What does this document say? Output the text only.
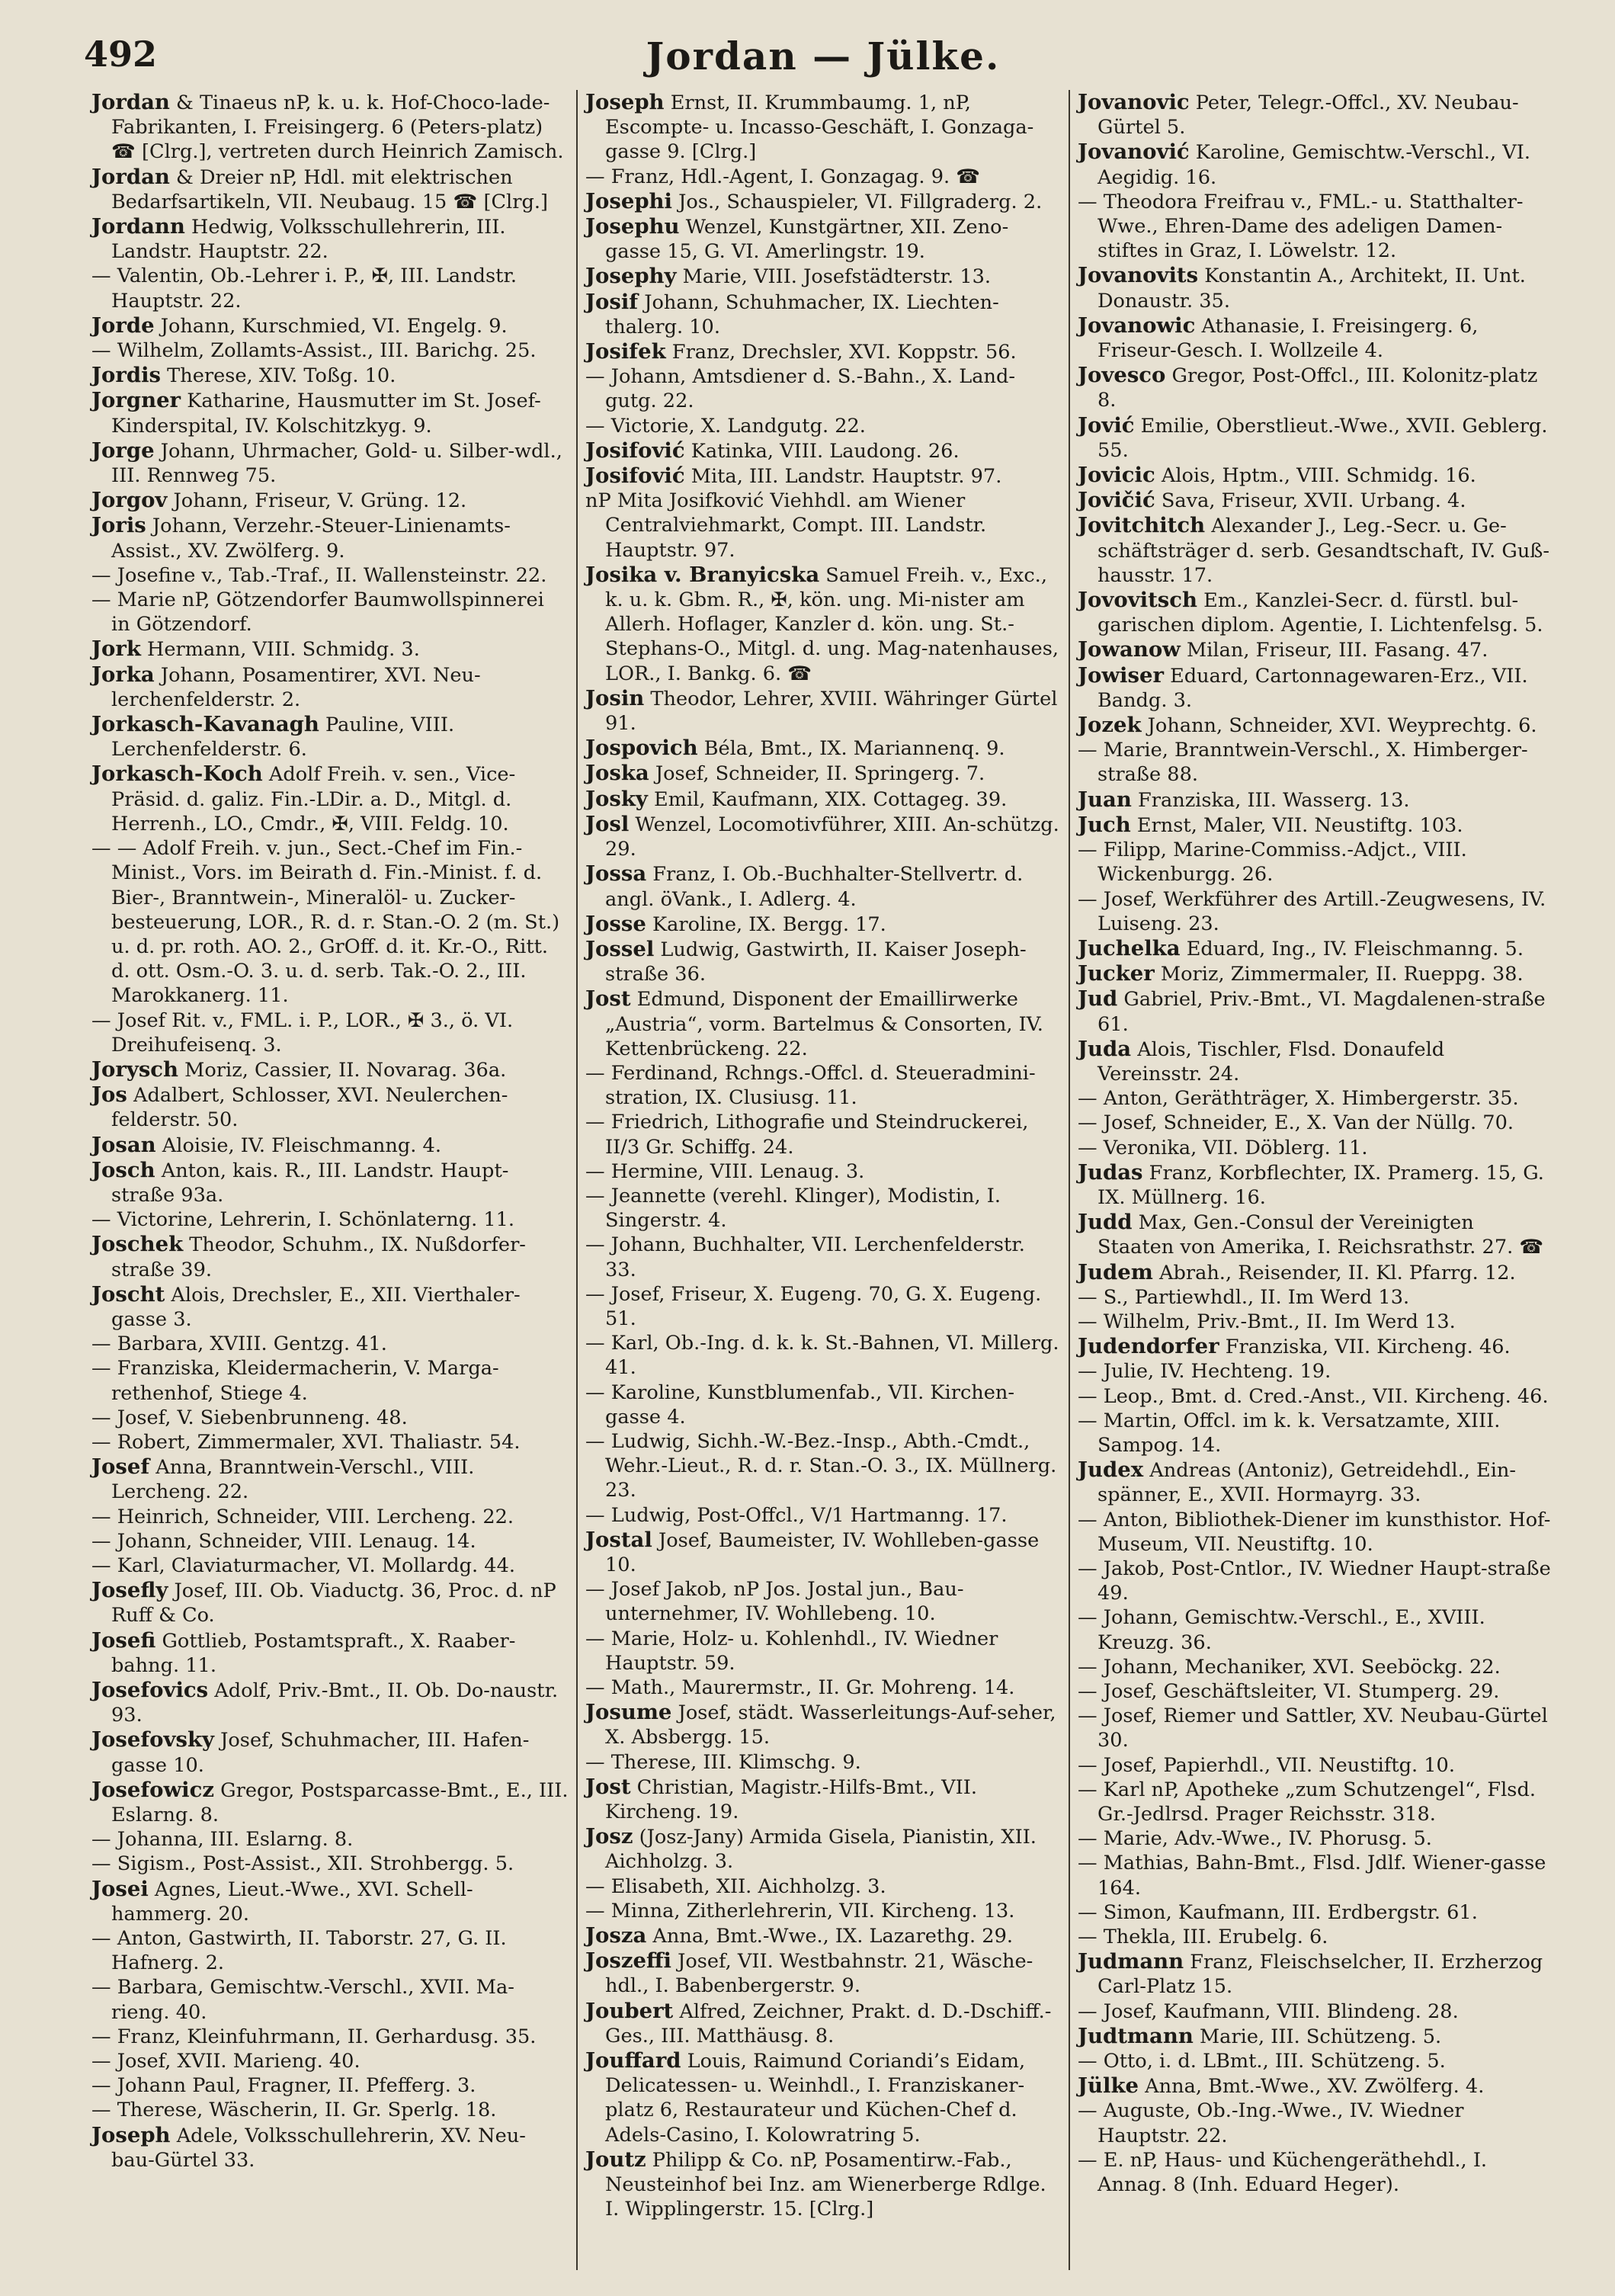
492	Jordan — Jülke.

Jordan & Tinaeus nP, k. u. k. Hof-Choco-lade-Fabrikanten, I. Freisingerg. 6 (Peters-platz) ☎ [Clrg.], vertreten durch Heinrich Zamisch.

Jordan & Dreier nP, Hdl. mit elektrischen Bedarfsartikeln, VII. Neubaug. 15 ☎ [Clrg.]

Jordann Hedwig, Volksschullehrerin, III. Landstr. Hauptstr. 22.

— Valentin, Ob.-Lehrer i. P., ✠, III. Landstr. Hauptstr. 22.

Jorde Johann, Kurschmied, VI. Engelg. 9.

— Wilhelm, Zollamts-Assist., III. Barichg. 25.

Jordis Therese, XIV. Toßg. 10.

Jorgner Katharine, Hausmutter im St. Josef-Kinderspital, IV. Kolschitzkyg. 9.

Jorge Johann, Uhrmacher, Gold- u. Silber-wdl., III. Rennweg 75.

Jorgov Johann, Friseur, V. Grüng. 12.

Joris Johann, Verzehr.-Steuer-Linienamts-Assist., XV. Zwölferg. 9.

— Josefine v., Tab.-Traf., II. Wallensteinstr. 22.

— Marie nP, Götzendorfer Baumwollspinnerei in Götzendorf.

Jork Hermann, VIII. Schmidg. 3.

Jorka Johann, Posamentirer, XVI. Neu-lerchenfelderstr. 2.

Jorkasch-Kavanagh Pauline, VIII. Lerchenfelderstr. 6.

Jorkasch-Koch Adolf Freih. v. sen., Vice-Präsid. d. galiz. Fin.-LDir. a. D., Mitgl. d. Herrenh., LO., Cmdr., ✠, VIII. Feldg. 10.

— — Adolf Freih. v. jun., Sect.-Chef im Fin.-Minist., Vors. im Beirath d. Fin.-Minist. f. d. Bier-, Branntwein-, Mineralöl- u. Zucker-besteuerung, LOR., R. d. r. Stan.-O. 2 (m. St.) u. d. pr. roth. AO. 2., GrOff. d. it. Kr.-O., Ritt. d. ott. Osm.-O. 3. u. d. serb. Tak.-O. 2., III. Marokkanerg. 11.

— Josef Rit. v., FML. i. P., LOR., ✠ 3., ö. VI. Dreihufeisenq. 3.

Jorysch Moriz, Cassier, II. Novarag. 36a.

Jos Adalbert, Schlosser, XVI. Neulerchen-felderstr. 50.

Josan Aloisie, IV. Fleischmanng. 4.

Josch Anton, kais. R., III. Landstr. Haupt-straße 93a.

— Victorine, Lehrerin, I. Schönlaterng. 11.

Joschek Theodor, Schuhm., IX. Nußdorfer-straße 39.

Joscht Alois, Drechsler, E., XII. Vierthaler-gasse 3.

— Barbara, XVIII. Gentzg. 41.

— Franziska, Kleidermacherin, V. Marga-rethenhof, Stiege 4.

— Josef, V. Siebenbrunneng. 48.

— Robert, Zimmermaler, XVI. Thaliastr. 54.

Josef Anna, Branntwein-Verschl., VIII. Lercheng. 22.

— Heinrich, Schneider, VIII. Lercheng. 22.

— Johann, Schneider, VIII. Lenaug. 14.

— Karl, Claviaturmacher, VI. Mollardg. 44.

Josefly Josef, III. Ob. Viaductg. 36, Proc. d. nP Ruff & Co.

Josefi Gottlieb, Postamtspraft., X. Raaber-bahng. 11.

Josefovics Adolf, Priv.-Bmt., II. Ob. Do-naustr. 93.

Josefovsky Josef, Schuhmacher, III. Hafen-gasse 10.

Josefowicz Gregor, Postsparcasse-Bmt., E., III. Eslarng. 8.

— Johanna, III. Eslarng. 8.

— Sigism., Post-Assist., XII. Strohbergg. 5.

Josei Agnes, Lieut.-Wwe., XVI. Schell-hammerg. 20.

— Anton, Gastwirth, II. Taborstr. 27, G. II. Hafnerg. 2.

— Barbara, Gemischtw.-Verschl., XVII. Ma-rieng. 40.

— Franz, Kleinfuhrmann, II. Gerhardusg. 35.

— Josef, XVII. Marieng. 40.

— Johann Paul, Fragner, II. Pfefferg. 3.

— Therese, Wäscherin, II. Gr. Sperlg. 18.

Joseph Adele, Volksschullehrerin, XV. Neu-bau-Gürtel 33.

Joseph Ernst, II. Krummbaumg. 1, nP, Escompte- u. Incasso-Geschäft, I. Gonzaga-gasse 9. [Clrg.]

— Franz, Hdl.-Agent, I. Gonzagag. 9. ☎

Josephi Jos., Schauspieler, VI. Fillgraderg. 2.

Josephu Wenzel, Kunstgärtner, XII. Zeno-gasse 15, G. VI. Amerlingstr. 19.

Josephy Marie, VIII. Josefstädterstr. 13.

Josif Johann, Schuhmacher, IX. Liechten-thalerg. 10.

Josifek Franz, Drechsler, XVI. Koppstr. 56.

— Johann, Amtsdiener d. S.-Bahn., X. Land-gutg. 22.

— Victorie, X. Landgutg. 22.

Josifović Katinka, VIII. Laudong. 26.

Josifović Mita, III. Landstr. Hauptstr. 97.

nP Mita Josifković Viehhdl. am Wiener Centralviehmarkt, Compt. III. Landstr. Hauptstr. 97.

Josika v. Branyicska Samuel Freih. v., Exc., k. u. k. Gbm. R., ✠, kön. ung. Mi-nister am Allerh. Hoflager, Kanzler d. kön. ung. St.-Stephans-O., Mitgl. d. ung. Mag-natenhauses, LOR., I. Bankg. 6. ☎

Josin Theodor, Lehrer, XVIII. Währinger Gürtel 91.

Jospovich Béla, Bmt., IX. Mariannenq. 9.

Joska Josef, Schneider, II. Springerg. 7.

Josky Emil, Kaufmann, XIX. Cottageg. 39.

Josl Wenzel, Locomotivführer, XIII. An-schützg. 29.

Jossa Franz, I. Ob.-Buchhalter-Stellvertr. d. angl. öVank., I. Adlerg. 4.

Josse Karoline, IX. Bergg. 17.

Jossel Ludwig, Gastwirth, II. Kaiser Joseph-straße 36.

Jost Edmund, Disponent der Emaillirwerke „Austria“, vorm. Bartelmus & Consorten, IV. Kettenbrückeng. 22.

— Ferdinand, Rchngs.-Offcl. d. Steueradmini-stration, IX. Clusiusg. 11.

— Friedrich, Lithografie und Steindruckerei, II/3 Gr. Schiffg. 24.

— Hermine, VIII. Lenaug. 3.

— Jeannette (verehl. Klinger), Modistin, I. Singerstr. 4.

— Johann, Buchhalter, VII. Lerchenfelderstr. 33.

— Josef, Friseur, X. Eugeng. 70, G. X. Eugeng. 51.

— Karl, Ob.-Ing. d. k. k. St.-Bahnen, VI. Millerg. 41.

— Karoline, Kunstblumenfab., VII. Kirchen-gasse 4.

— Ludwig, Sichh.-W.-Bez.-Insp., Abth.-Cmdt., Wehr.-Lieut., R. d. r. Stan.-O. 3., IX. Müllnerg. 23.

— Ludwig, Post-Offcl., V/1 Hartmanng. 17.

Jostal Josef, Baumeister, IV. Wohlleben-gasse 10.

— Josef Jakob, nP Jos. Jostal jun., Bau-unternehmer, IV. Wohllebeng. 10.

— Marie, Holz- u. Kohlenhdl., IV. Wiedner Hauptstr. 59.

— Math., Maurermstr., II. Gr. Mohreng. 14.

Josume Josef, städt. Wasserleitungs-Auf-seher, X. Absbergg. 15.

— Therese, III. Klimschg. 9.

Jost Christian, Magistr.-Hilfs-Bmt., VII. Kircheng. 19.

Josz (Josz-Jany) Armida Gisela, Pianistin, XII. Aichholzg. 3.

— Elisabeth, XII. Aichholzg. 3.

— Minna, Zitherlehrerin, VII. Kircheng. 13.

Josza Anna, Bmt.-Wwe., IX. Lazarethg. 29.

Joszeffi Josef, VII. Westbahnstr. 21, Wäsche-hdl., I. Babenbergerstr. 9.

Joubert Alfred, Zeichner, Prakt. d. D.-Dschiff.-Ges., III. Matthäusg. 8.

Jouffard Louis, Raimund Coriandi’s Eidam, Delicatessen- u. Weinhdl., I. Franziskaner-platz 6, Restaurateur und Küchen-Chef d. Adels-Casino, I. Kolowratring 5.

Joutz Philipp & Co. nP, Posamentirw.-Fab., Neusteinhof bei Inz. am Wienerberge Rdlge. I. Wipplingerstr. 15. [Clrg.]

Jovanovic Peter, Telegr.-Offcl., XV. Neubau-Gürtel 5.

Jovanović Karoline, Gemischtw.-Verschl., VI. Aegidig. 16.

— Theodora Freifrau v., FML.- u. Statthalter-Wwe., Ehren-Dame des adeligen Damen-stiftes in Graz, I. Löwelstr. 12.

Jovanovits Konstantin A., Architekt, II. Unt. Donaustr. 35.

Jovanowic Athanasie, I. Freisingerg. 6, Friseur-Gesch. I. Wollzeile 4.

Jovesco Gregor, Post-Offcl., III. Kolonitz-platz 8.

Jović Emilie, Oberstlieut.-Wwe., XVII. Geblerg. 55.

Jovicic Alois, Hptm., VIII. Schmidg. 16.

Jovičić Sava, Friseur, XVII. Urbang. 4.

Jovitchitch Alexander J., Leg.-Secr. u. Ge-schäftsträger d. serb. Gesandtschaft, IV. Guß-hausstr. 17.

Jovovitsch Em., Kanzlei-Secr. d. fürstl. bul-garischen diplom. Agentie, I. Lichtenfelsg. 5.

Jowanow Milan, Friseur, III. Fasang. 47.

Jowiser Eduard, Cartonnagewaren-Erz., VII. Bandg. 3.

Jozek Johann, Schneider, XVI. Weyprechtg. 6.

— Marie, Branntwein-Verschl., X. Himberger-straße 88.

Juan Franziska, III. Wasserg. 13.

Juch Ernst, Maler, VII. Neustiftg. 103.

— Filipp, Marine-Commiss.-Adjct., VIII. Wickenburgg. 26.

— Josef, Werkführer des Artill.-Zeugwesens, IV. Luiseng. 23.

Juchelka Eduard, Ing., IV. Fleischmanng. 5.

Jucker Moriz, Zimmermaler, II. Rueppg. 38.

Jud Gabriel, Priv.-Bmt., VI. Magdalenen-straße 61.

Juda Alois, Tischler, Flsd. Donaufeld Vereinsstr. 24.

— Anton, Geräthträger, X. Himbergerstr. 35.

— Josef, Schneider, E., X. Van der Nüllg. 70.

— Veronika, VII. Döblerg. 11.

Judas Franz, Korbflechter, IX. Pramerg. 15, G. IX. Müllnerg. 16.

Judd Max, Gen.-Consul der Vereinigten Staaten von Amerika, I. Reichsrathstr. 27. ☎

Judem Abrah., Reisender, II. Kl. Pfarrg. 12.

— S., Partiewhdl., II. Im Werd 13.

— Wilhelm, Priv.-Bmt., II. Im Werd 13.

Judendorfer Franziska, VII. Kircheng. 46.

— Julie, IV. Hechteng. 19.

— Leop., Bmt. d. Cred.-Anst., VII. Kircheng. 46.

— Martin, Offcl. im k. k. Versatzamte, XIII. Sampog. 14.

Judex Andreas (Antoniz), Getreidehdl., Ein-spänner, E., XVII. Hormayrg. 33.

— Anton, Bibliothek-Diener im kunsthistor. Hof-Museum, VII. Neustiftg. 10.

— Jakob, Post-Cntlor., IV. Wiedner Haupt-straße 49.

— Johann, Gemischtw.-Verschl., E., XVIII. Kreuzg. 36.

— Johann, Mechaniker, XVI. Seeböckg. 22.

— Josef, Geschäftsleiter, VI. Stumperg. 29.

— Josef, Riemer und Sattler, XV. Neubau-Gürtel 30.

— Josef, Papierhdl., VII. Neustiftg. 10.

— Karl nP, Apotheke „zum Schutzengel“, Flsd. Gr.-Jedlrsd. Prager Reichsstr. 318.

— Marie, Adv.-Wwe., IV. Phorusg. 5.

— Mathias, Bahn-Bmt., Flsd. Jdlf. Wiener-gasse 164.

— Simon, Kaufmann, III. Erdbergstr. 61.

— Thekla, III. Erubelg. 6.

Judmann Franz, Fleischselcher, II. Erzherzog Carl-Platz 15.

— Josef, Kaufmann, VIII. Blindeng. 28.

Judtmann Marie, III. Schützeng. 5.

— Otto, i. d. LBmt., III. Schützeng. 5.

Jülke Anna, Bmt.-Wwe., XV. Zwölferg. 4.

— Auguste, Ob.-Ing.-Wwe., IV. Wiedner Hauptstr. 22.

— E. nP, Haus- und Küchengeräthehdl., I. Annag. 8 (Inh. Eduard Heger).
